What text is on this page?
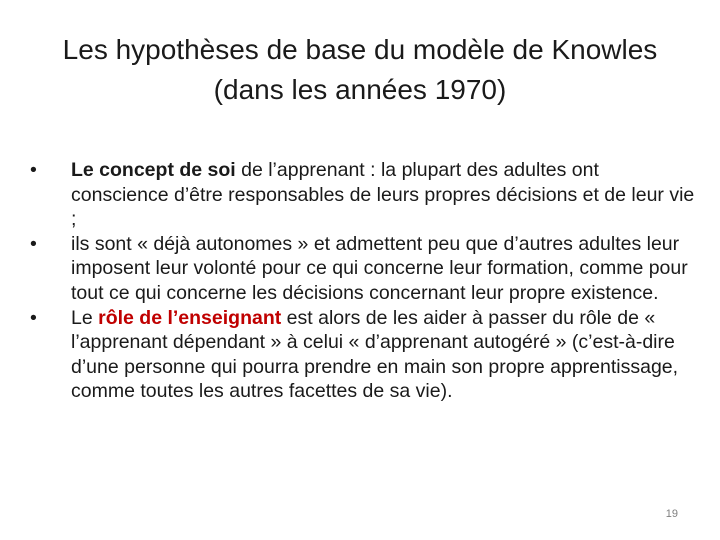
Les hypothèses de base du modèle de Knowles
(dans les années 1970)
• Le concept de soi de l’apprenant : la plupart des adultes ont conscience d’être responsables de leurs propres décisions et de leur vie ;
• ils sont « déjà autonomes » et admettent peu que d’autres adultes leur imposent leur volonté pour ce qui concerne leur formation, comme pour tout ce qui concerne les décisions concernant leur propre existence.
• Le rôle de l’enseignant est alors de les aider à passer du rôle de « l’apprenant dépendant » à celui « d’apprenant autogéré » (c’est-à-dire d’une personne qui pourra prendre en main son propre apprentissage, comme toutes les autres facettes de sa vie).
19
